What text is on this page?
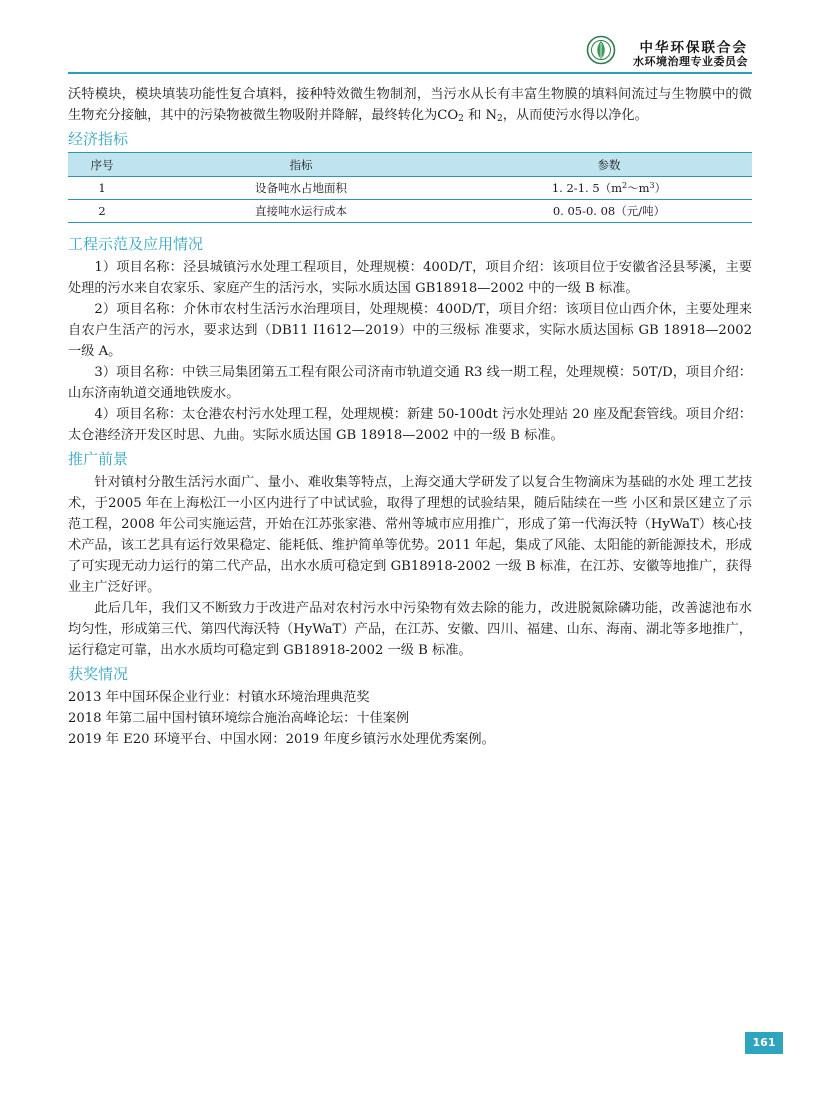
中华环保联合会
水环境治理专业委员会

沃特模块，模块填装功能性复合填料，接种特效微生物制剂，当污水从长有丰富生物膜的填料间流过与生物膜中的微生物充分接触，其中的污染物被微生物吸附并降解，最终转化为$CO_2$ 和 $N_2$，从而使污水得以净化。

经济指标
序号	指标	参数
1	设备吨水占地面积	1. 2-1. $5(m^2\sim m^3)$
2	直接吨水运行成本	0. 05-0. 08（元/吨）
工程示范及应用情况

1）项目名称：泾县城镇污水处理工程项目，处理规模：400D/T，项目介绍：该项目位于安徽省泾县琴溪，主要处理的污水来自农家乐、家庭产生的活污水，实际水质达国 GB18918—2002 中的一级 B 标准。

2）项目名称：介休市农村生活污水治理项目，处理规模：400D/T，项目介绍：该项目位山西介休，主要处理来自农户生活产的污水，要求达到（DB11 I1612—2019）中的三级标 准要求，实际水质达国标 GB 18918—2002 一级 A。

3）项目名称：中铁三局集团第五工程有限公司济南市轨道交通 R3 线一期工程，处理规模：50T/D，项目介绍：山东济南轨道交通地铁废水。

4）项目名称：太仓港农村污水处理工程，处理规模：新建 50-100dt 污水处理站 20 座及配套管线。项目介绍：太仓港经济开发区时思、九曲。实际水质达国 GB 18918—2002 中的一级 B 标准。

推广前景

针对镇村分散生活污水面广、量小、难收集等特点，上海交通大学研发了以复合生物滴床为基础的水处 理工艺技术，于2005 年在上海松江一小区内进行了中试试验，取得了理想的试验结果，随后陆续在一些 小区和景区建立了示范工程，2008 年公司实施运营，开始在江苏张家港、常州等城市应用推广，形成了第一代海沃特（HyWaT）核心技术产品，该工艺具有运行效果稳定、能耗低、维护简单等优势。2011 年起，集成了风能、太阳能的新能源技术，形成了可实现无动力运行的第二代产品，出水水质可稳定到 GB18918-2002 一级 B 标准，在江苏、安徽等地推广，获得业主广泛好评。

此后几年，我们又不断致力于改进产品对农村污水中污染物有效去除的能力，改进脱氮除磷功能，改善滤池布水均匀性，形成第三代、第四代海沃特（HyWaT）产品，在江苏、安徽、四川、福建、山东、海南、湖北等多地推广，运行稳定可靠，出水水质均可稳定到 GB18918-2002 一级 B 标准。

获奖情况

2013 年中国环保企业行业：村镇水环境治理典范奖

2018 年第二届中国村镇环境综合施治高峰论坛：十佳案例

2019 年 E20 环境平台、中国水网：2019 年度乡镇污水处理优秀案例。

161
